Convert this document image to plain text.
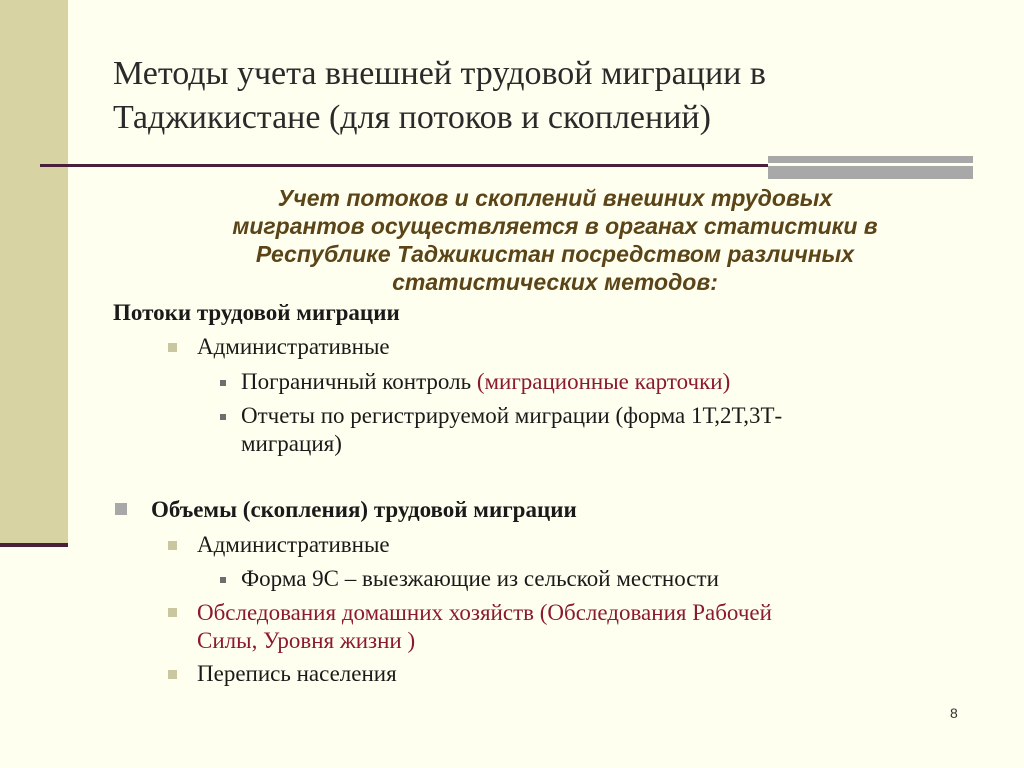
Методы учета внешней трудовой миграции в
Таджикистане (для потоков и скоплений)
Учет потоков и скоплений внешних трудовых
мигрантов осуществляется в органах статистики в
Республике Таджикистан посредством различных
статистических методов:
Потоки трудовой миграции
Административные
Пограничный контроль (миграционные карточки)
Отчеты по регистрируемой миграции (форма 1Т,2Т,3Т-
миграция)
Объемы (скопления) трудовой миграции
Административные
Форма 9С – выезжающие из сельской местности
Обследования домашних хозяйств (Обследования Рабочей
Силы, Уровня жизни )
Перепись населения
8
